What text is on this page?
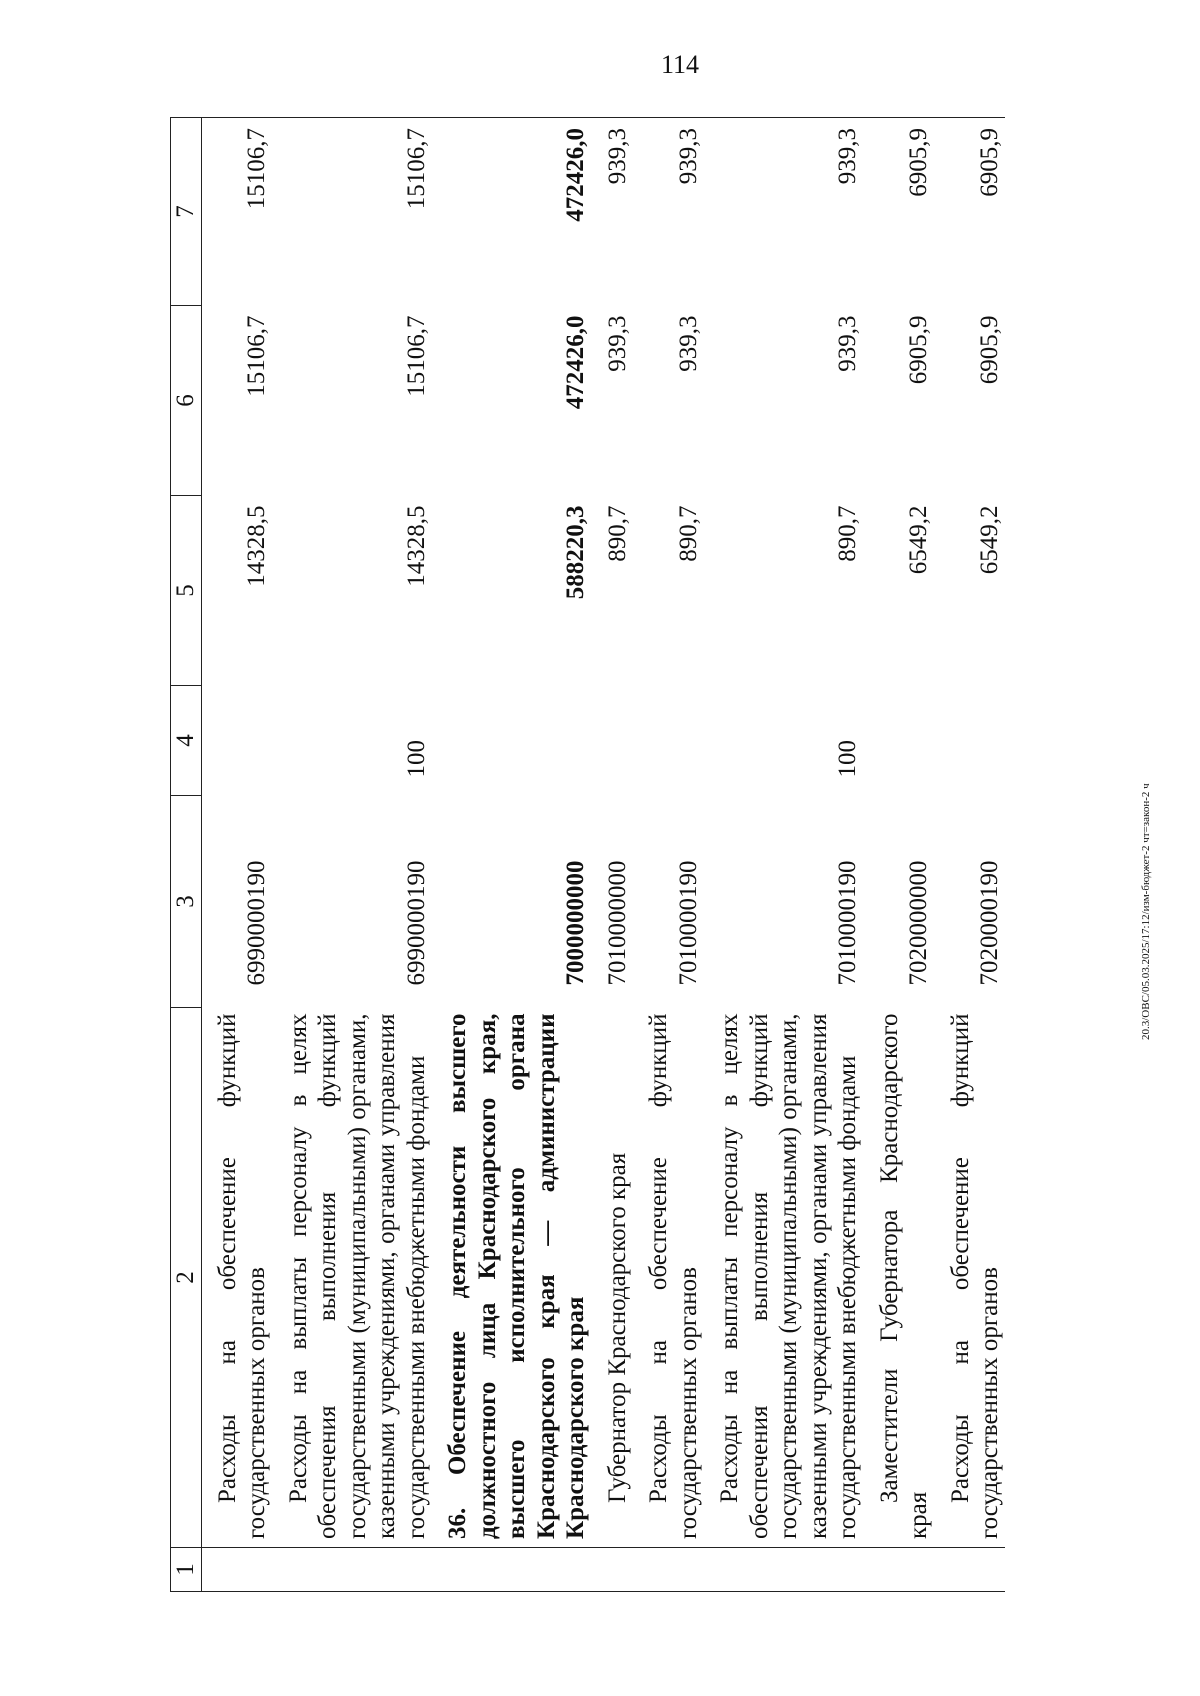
114
1	2	3	4	5	6	7
	Расходы на обеспечение функций государственных органов	6990000190		14328,5	15106,7	15106,7
	Расходы на выплаты персоналу в целях обеспечения выполнения функций государственными (муниципальными) органами, казенными учреждениями, органами управления государственными внебюджетными фондами	6990000190	100	14328,5	15106,7	15106,7
	36. Обеспечение деятельности высшего должностного лица Краснодарского края, высшего исполнительного органа Краснодарского края — администрации Краснодарского края	7000000000		588220,3	472426,0	472426,0
	Губернатор Краснодарского края	7010000000		890,7	939,3	939,3
	Расходы на обеспечение функций государственных органов	7010000190		890,7	939,3	939,3
	Расходы на выплаты персоналу в целях обеспечения выполнения функций государственными (муниципальными) органами, казенными учреждениями, органами управления государственными внебюджетными фондами	7010000190	100	890,7	939,3	939,3
	Заместители Губернатора Краснодарского края	7020000000		6549,2	6905,9	6905,9
	Расходы на обеспечение функций государственных органов	7020000190		6549,2	6905,9	6905,9
20.3/ОВС/05.03.2025/17:12/изм-бюджет-2 чт=закон-2 ч
